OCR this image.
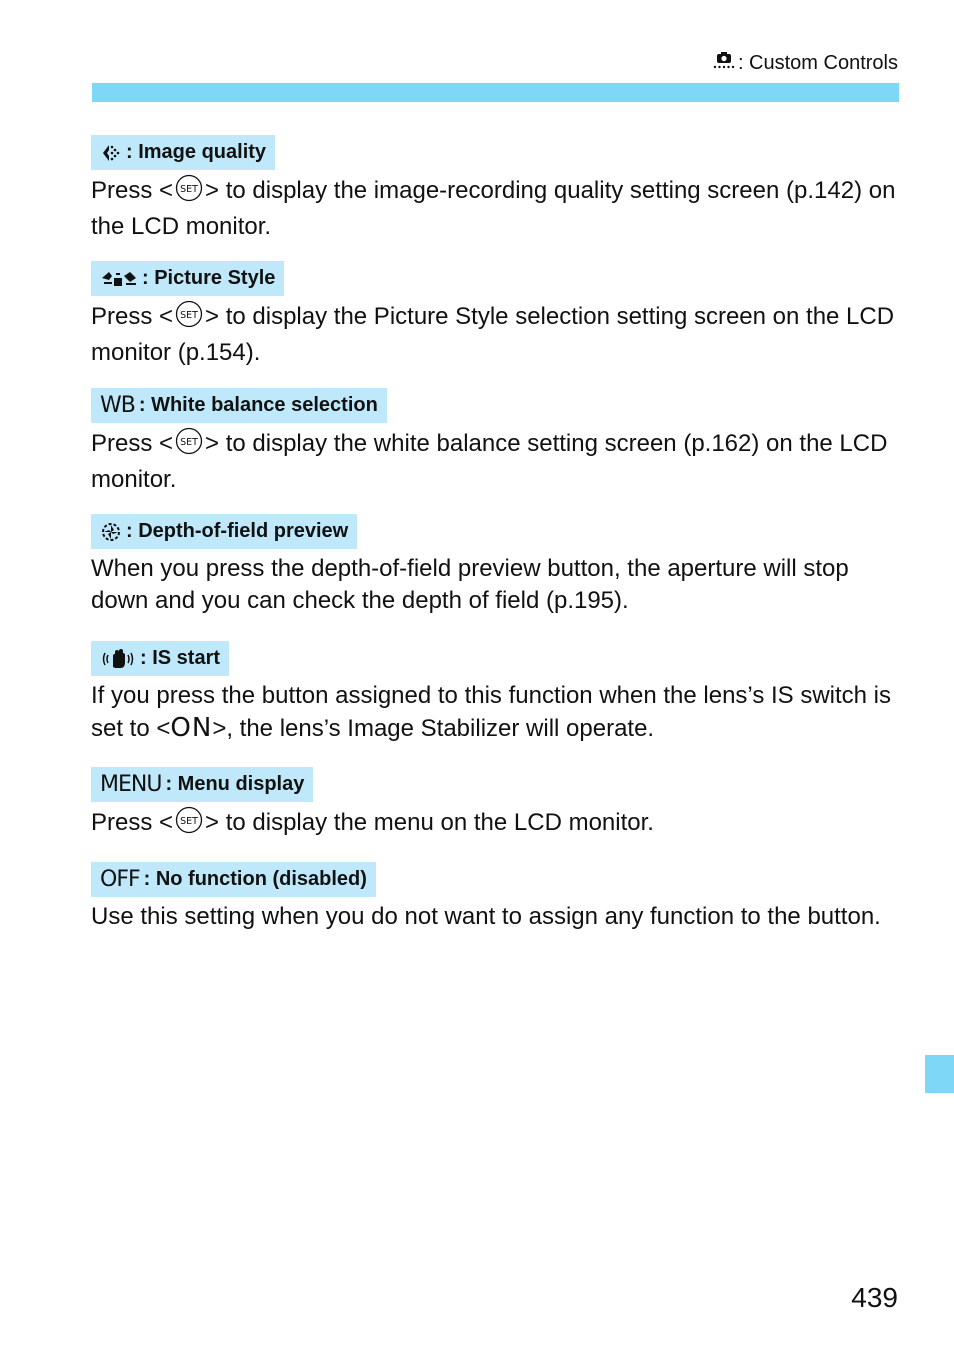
: Custom Controls
: Image quality
Press < SET > to display the image-recording quality setting screen (p.142) on the LCD monitor.
: Picture Style
Press < SET > to display the Picture Style selection setting screen on the LCD monitor (p.154).
WB : White balance selection
Press < SET > to display the white balance setting screen (p.162) on the LCD monitor.
: Depth-of-field preview
When you press the depth-of-field preview button, the aperture will stop down and you can check the depth of field (p.195).
: IS start
If you press the button assigned to this function when the lens’s IS switch is set to <ON>, the lens’s Image Stabilizer will operate.
MENU : Menu display
Press < SET > to display the menu on the LCD monitor.
OFF : No function (disabled)
Use this setting when you do not want to assign any function to the button.
439
